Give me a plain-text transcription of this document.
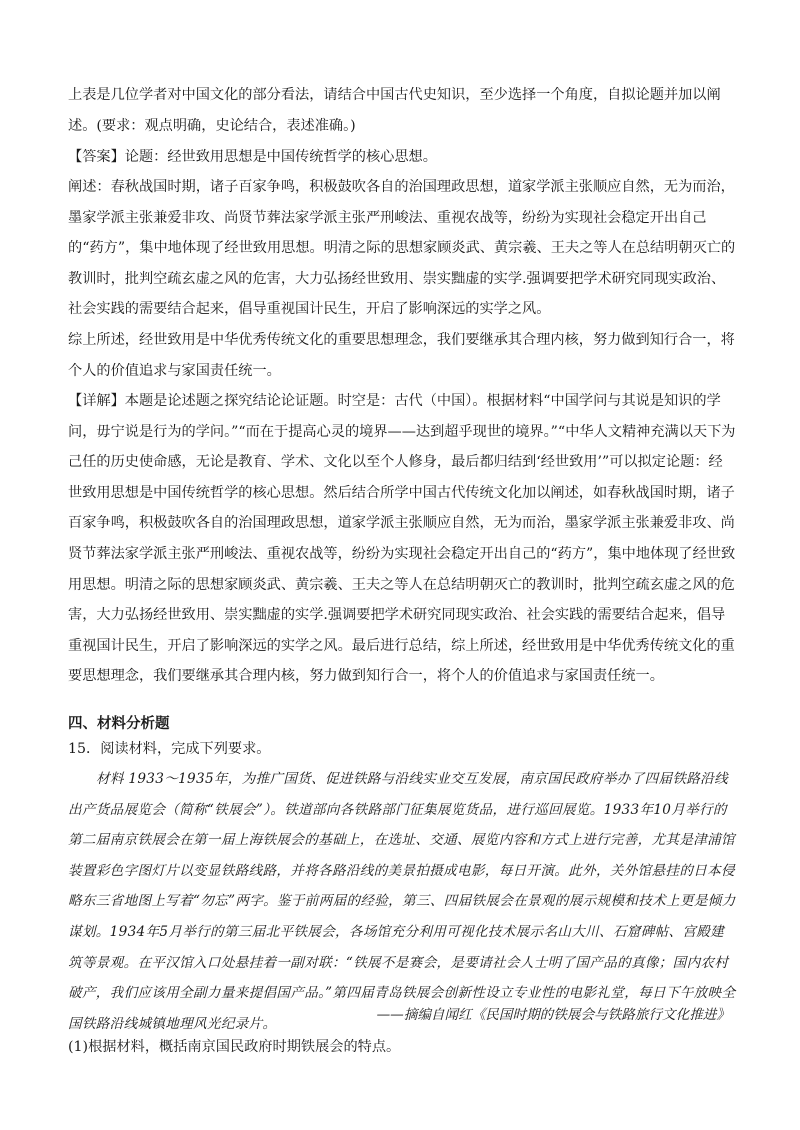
上表是几位学者对中国文化的部分看法，请结合中国古代史知识，至少选择一个角度，自拟论题并加以阐述。(要求：观点明确，史论结合，表述准确。)

【答案】论题：经世致用思想是中国传统哲学的核心思想。

阐述：春秋战国时期，诸子百家争鸣，积极鼓吹各自的治国理政思想，道家学派主张顺应自然，无为而治，墨家学派主张兼爱非攻、尚贤节葬法家学派主张严刑峻法、重视农战等，纷纷为实现社会稳定开出自己的“药方”，集中地体现了经世致用思想。明清之际的思想家顾炎武、黄宗羲、王夫之等人在总结明朝灭亡的教训时，批判空疏玄虚之风的危害，大力弘扬经世致用、崇实黜虚的实学.强调要把学术研究同现实政治、社会实践的需要结合起来，倡导重视国计民生，开启了影响深远的实学之风。

综上所述，经世致用是中华优秀传统文化的重要思想理念，我们要继承其合理内核，努力做到知行合一，将个人的价值追求与家国责任统一。

【详解】本题是论述题之探究结论论证题。时空是：古代（中国）。根据材料“中国学问与其说是知识的学问，毋宁说是行为的学问。”“而在于提高心灵的境界——达到超乎现世的境界。”“中华人文精神充满以天下为己任的历史使命感，无论是教育、学术、文化以至个人修身，最后都归结到‘经世致用’”可以拟定论题：经世致用思想是中国传统哲学的核心思想。然后结合所学中国古代传统文化加以阐述，如春秋战国时期，诸子百家争鸣，积极鼓吹各自的治国理政思想，道家学派主张顺应自然，无为而治，墨家学派主张兼爱非攻、尚贤节葬法家学派主张严刑峻法、重视农战等，纷纷为实现社会稳定开出自己的“药方”，集中地体现了经世致用思想。明清之际的思想家顾炎武、黄宗羲、王夫之等人在总结明朝灭亡的教训时，批判空疏玄虚之风的危害，大力弘扬经世致用、崇实黜虚的实学.强调要把学术研究同现实政治、社会实践的需要结合起来，倡导重视国计民生，开启了影响深远的实学之风。最后进行总结，综上所述，经世致用是中华优秀传统文化的重要思想理念，我们要继承其合理内核，努力做到知行合一，将个人的价值追求与家国责任统一。

四、材料分析题
15．阅读材料，完成下列要求。

材料 1933～1935年，为推广国货、促进铁路与沿线实业交互发展，南京国民政府举办了四届铁路沿线出产货品展览会（简称“铁展会”）。铁道部向各铁路部门征集展览货品，进行巡回展览。1933年10月举行的第二届南京铁展会在第一届上海铁展会的基础上，在选址、交通、展览内容和方式上进行完善，尤其是津浦馆装置彩色字图灯片以变显铁路线路，并将各路沿线的美景拍摄成电影，每日开演。此外，关外馆悬挂的日本侵略东三省地图上写着“勿忘”两字。鉴于前两届的经验，第三、四届铁展会在景观的展示规模和技术上更是倾力谋划。1934年5月举行的第三届北平铁展会，各场馆充分利用可视化技术展示名山大川、石窟碑帖、宫殿建筑等景观。在平汉馆入口处悬挂着一副对联：“铁展不是赛会，是要请社会人士明了国产品的真像；国内农村破产，我们应该用全副力量来提倡国产品。”第四届青岛铁展会创新性设立专业性的电影礼堂，每日下午放映全国铁路沿线城镇地理风光纪录片。

——摘编自闻红《民国时期的铁展会与铁路旅行文化推进》
(1)根据材料，概括南京国民政府时期铁展会的特点。
